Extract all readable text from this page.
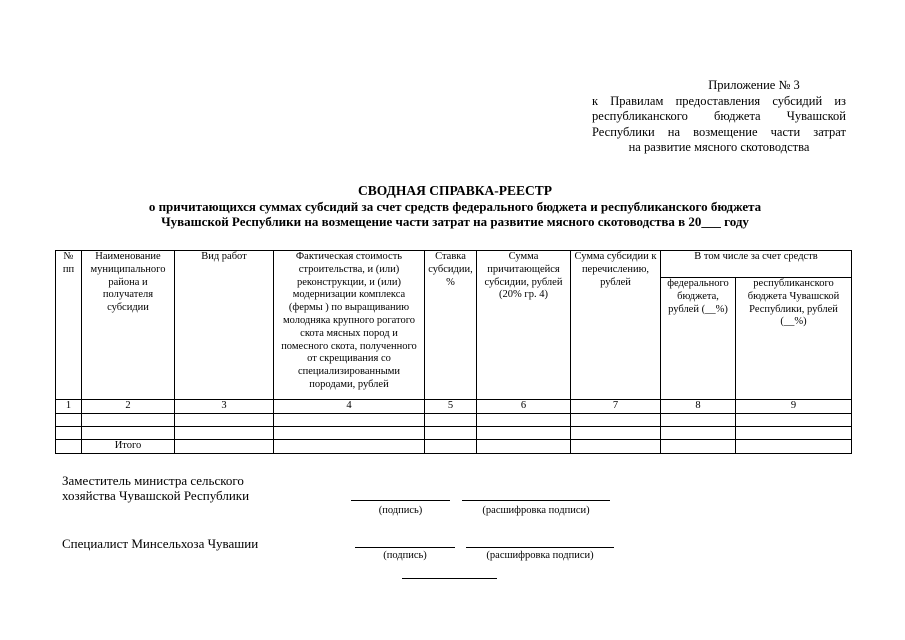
Приложение № 3
к Правилам предоставления субсидий из
республиканского бюджета Чувашской
Республики на возмещение части затрат
на развитие мясного скотоводства
СВОДНАЯ СПРАВКА-РЕЕСТР
о причитающихся суммах субсидий за счет средств федерального бюджета и республиканского бюджета
Чувашской Республики на возмещение части затрат на развитие мясного скотоводства в 20___ году
№ пп	Наименование муниципального района и получателя субсидии	Вид работ	Фактическая стоимость строительства, и (или) реконструкции, и (или) модернизации комплекса (фермы ) по выращиванию молодняка крупного рогатого скота мясных пород и помесного скота, полученного от скрещивания со специализированными породами, рублей	Ставка субсидии, %	Сумма причитающейся субсидии, рублей (20% гр. 4)	Сумма субсидии к перечислению, рублей	В том числе за счет средств	
							федерального бюджета, рублей (__%)	республиканского бюджета Чувашской Республики, рублей (__%)
1	2	3	4	5	6	7	8	9

	Итого							
Заместитель министра сельского
хозяйства Чувашской Республики
(подпись)	(расшифровка подписи)
Специалист Минсельхоза Чувашии
(подпись)	(расшифровка подписи)
